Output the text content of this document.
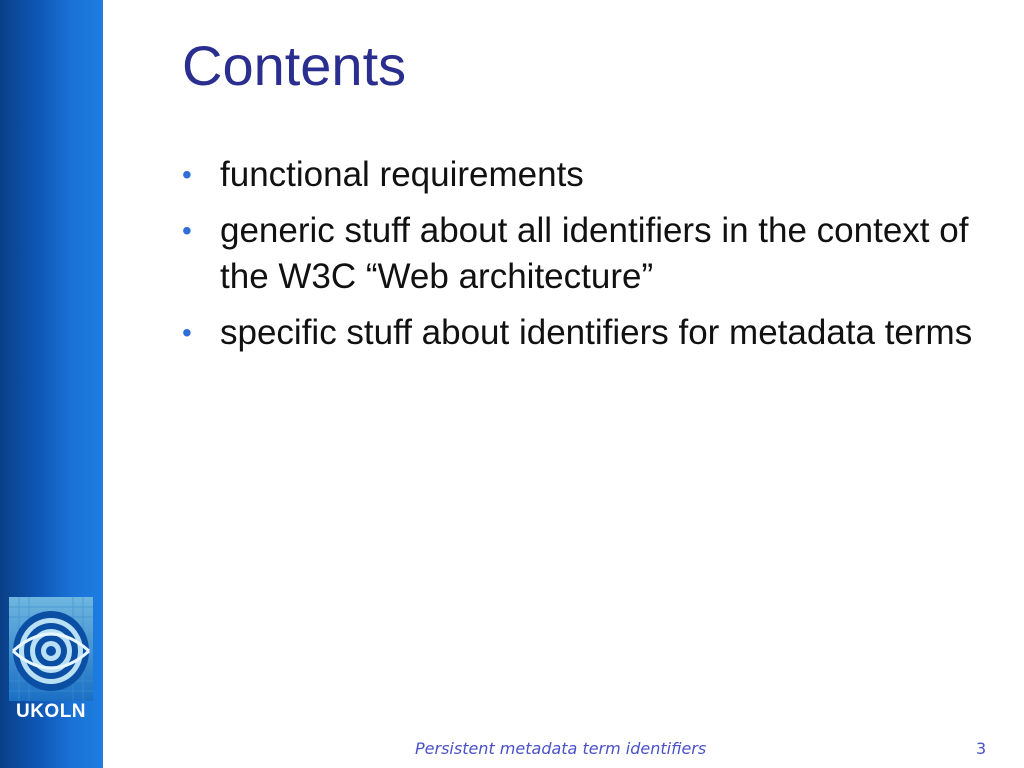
UKOLN
Contents
• functional requirements
• generic stuff about all identifiers in the context of the W3C “Web architecture”
• specific stuff about identifiers for metadata terms
Persistent metadata term identifiers	3
